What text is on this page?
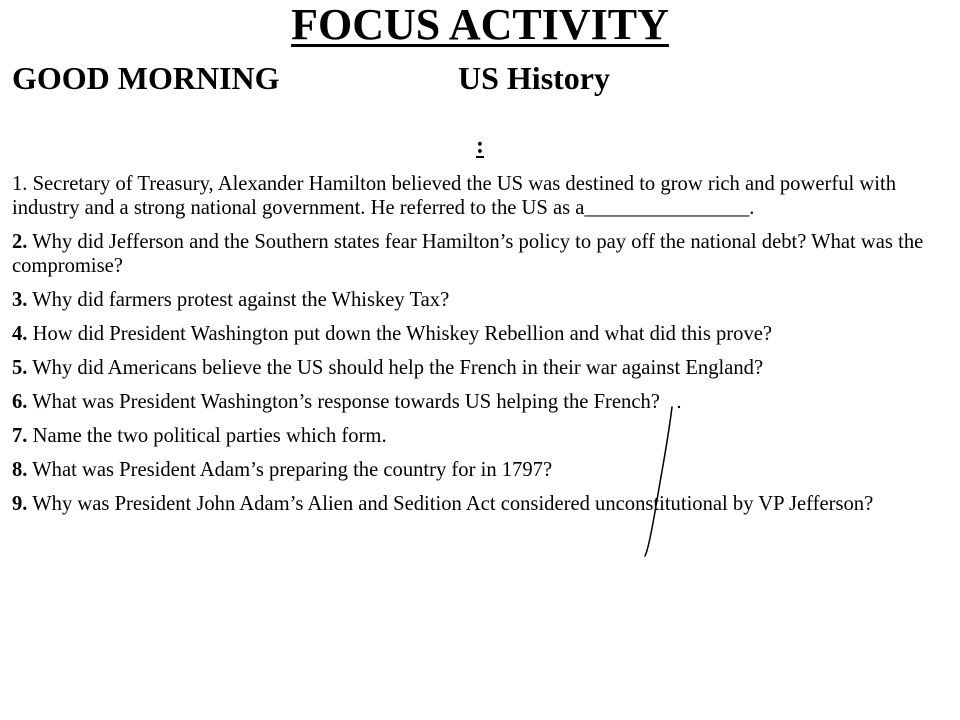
FOCUS ACTIVITY
GOOD MORNING	US History
:

1. Secretary of Treasury, Alexander Hamilton believed the US was destined to grow rich and powerful with industry and a strong national government. He referred to the US as a________________.

2. Why did Jefferson and the Southern states fear Hamilton’s policy to pay off the national debt? What was the compromise?

3. Why did farmers protest against the Whiskey Tax?

4. How did President Washington put down the Whiskey Rebellion and what did this prove?

5. Why did Americans believe the US should help the French in their war against England?

6. What was President Washington’s response towards US helping the French?

7. Name the two political parties which form.

8. What was President Adam’s preparing the country for in 1797?

9. Why was President John Adam’s Alien and Sedition Act considered unconstitutional by VP Jefferson?
